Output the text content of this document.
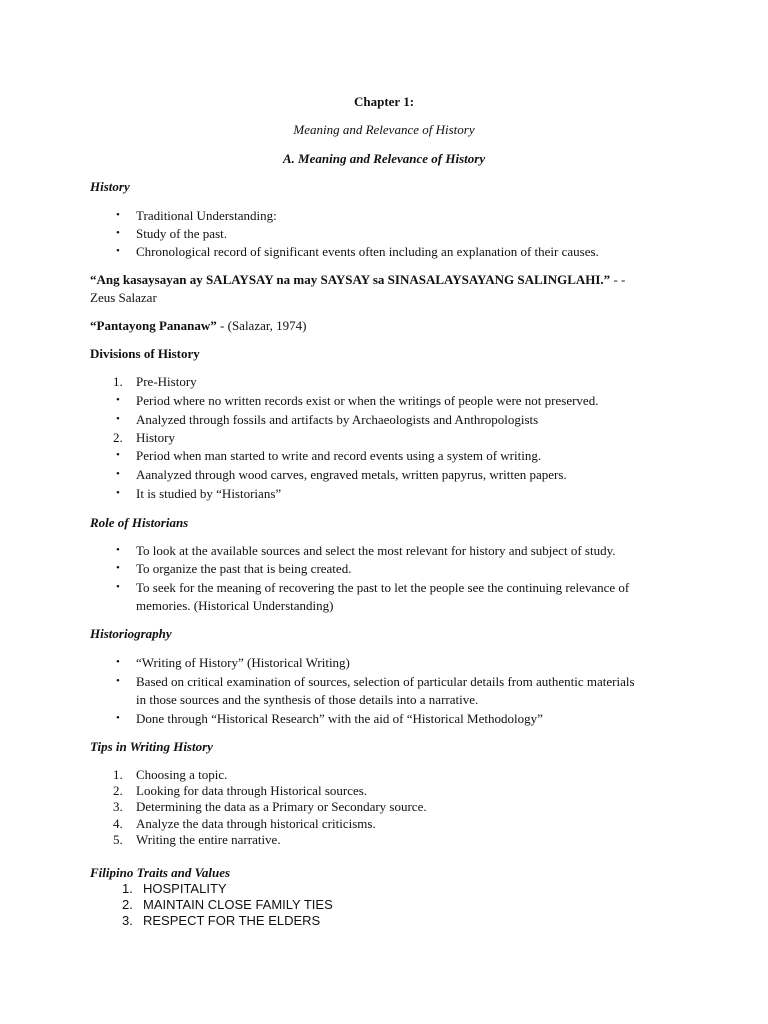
Chapter 1:
Meaning and Relevance of History
A. Meaning and Relevance of History
History
• Traditional Understanding:
• Study of the past.
• Chronological record of significant events often including an explanation of their causes.
“Ang kasaysayan ay SALAYSAY na may SAYSAY sa SINASALAYSAYANG SALINGLAHI.” - -
Zeus Salazar
“Pantayong Pananaw” - (Salazar, 1974)
Divisions of History
1. Pre-History
• Period where no written records exist or when the writings of people were not preserved.
• Analyzed through fossils and artifacts by Archaeologists and Anthropologists
2. History
• Period when man started to write and record events using a system of writing.
• Aanalyzed through wood carves, engraved metals, written papyrus, written papers.
• It is studied by “Historians”
Role of Historians
• To look at the available sources and select the most relevant for history and subject of study.
• To organize the past that is being created.
• To seek for the meaning of recovering the past to let the people see the continuing relevance of
memories. (Historical Understanding)
Historiography
• “Writing of History” (Historical Writing)
• Based on critical examination of sources, selection of particular details from authentic materials
in those sources and the synthesis of those details into a narrative.
• Done through “Historical Research” with the aid of “Historical Methodology”
Tips in Writing History
1. Choosing a topic.
2. Looking for data through Historical sources.
3. Determining the data as a Primary or Secondary source.
4. Analyze the data through historical criticisms.
5. Writing the entire narrative.
Filipino Traits and Values
1. HOSPITALITY
2. MAINTAIN CLOSE FAMILY TIES
3. RESPECT FOR THE ELDERS
